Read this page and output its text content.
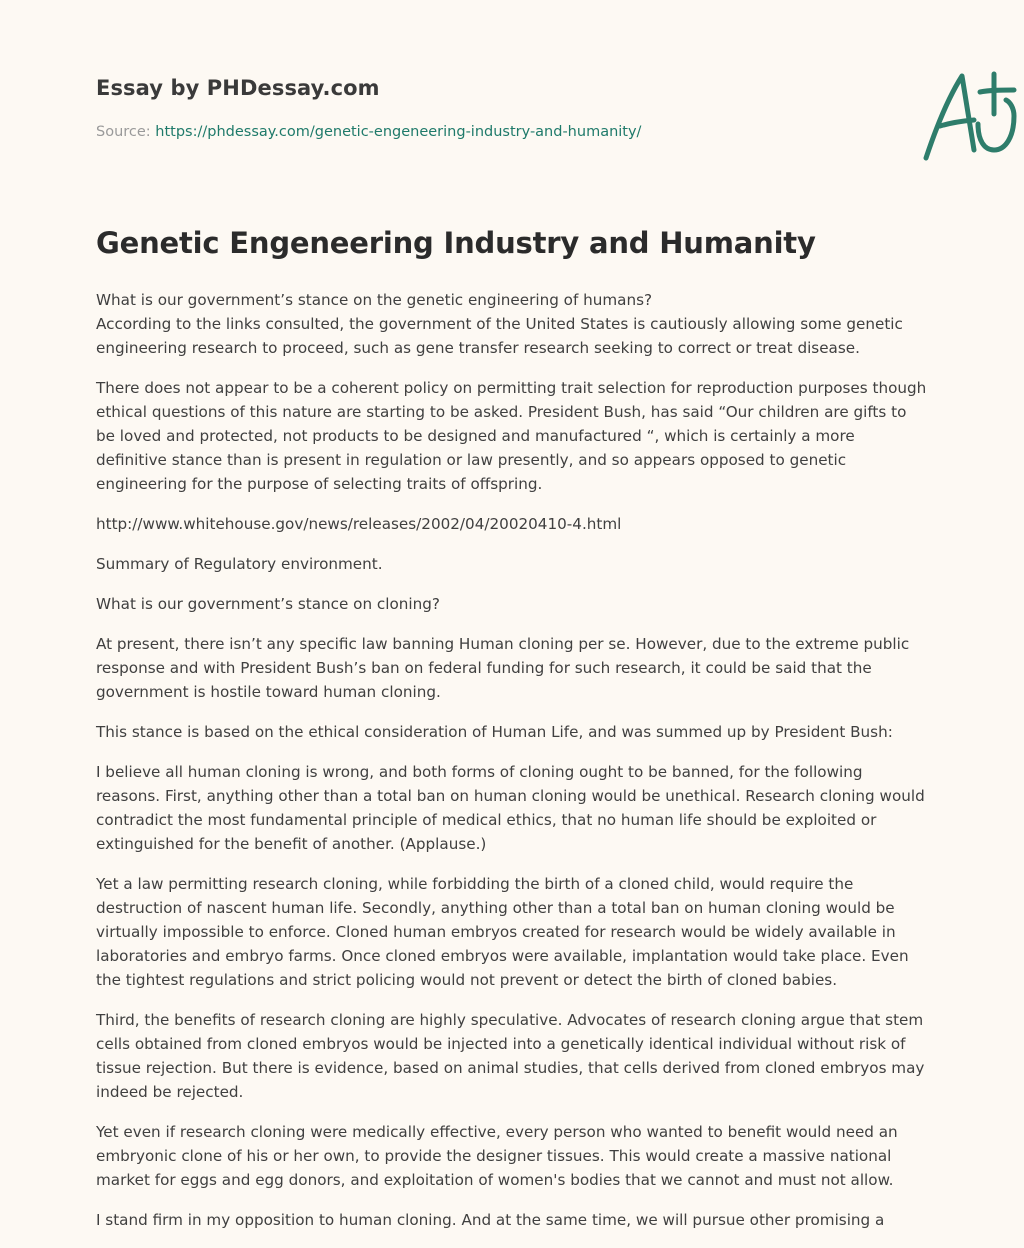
Essay by PHDessay.com
Source: https://phdessay.com/genetic-engeneering-industry-and-humanity/
Genetic Engeneering Industry and Humanity

What is our government’s stance on the genetic engineering of humans?
According to the links consulted, the government of the United States is cautiously allowing some genetic engineering research to proceed, such as gene transfer research seeking to correct or treat disease.

There does not appear to be a coherent policy on permitting trait selection for reproduction purposes though ethical questions of this nature are starting to be asked. President Bush, has said “Our children are gifts to be loved and protected, not products to be designed and manufactured “, which is certainly a more definitive stance than is present in regulation or law presently, and so appears opposed to genetic engineering for the purpose of selecting traits of offspring.

http://www.whitehouse.gov/news/releases/2002/04/20020410-4.html

Summary of Regulatory environment.

What is our government’s stance on cloning?

At present, there isn’t any specific law banning Human cloning per se. However, due to the extreme public response and with President Bush’s ban on federal funding for such research, it could be said that the government is hostile toward human cloning.

This stance is based on the ethical consideration of Human Life, and was summed up by President Bush:

I believe all human cloning is wrong, and both forms of cloning ought to be banned, for the following reasons. First, anything other than a total ban on human cloning would be unethical. Research cloning would contradict the most fundamental principle of medical ethics, that no human life should be exploited or extinguished for the benefit of another. (Applause.)

Yet a law permitting research cloning, while forbidding the birth of a cloned child, would require the destruction of nascent human life. Secondly, anything other than a total ban on human cloning would be virtually impossible to enforce. Cloned human embryos created for research would be widely available in laboratories and embryo farms. Once cloned embryos were available, implantation would take place. Even the tightest regulations and strict policing would not prevent or detect the birth of cloned babies.

Third, the benefits of research cloning are highly speculative. Advocates of research cloning argue that stem cells obtained from cloned embryos would be injected into a genetically identical individual without risk of tissue rejection. But there is evidence, based on animal studies, that cells derived from cloned embryos may indeed be rejected.

Yet even if research cloning were medically effective, every person who wanted to benefit would need an embryonic clone of his or her own, to provide the designer tissues. This would create a massive national market for eggs and egg donors, and exploitation of women's bodies that we cannot and must not allow.

I stand firm in my opposition to human cloning. And at the same time, we will pursue other promising a
